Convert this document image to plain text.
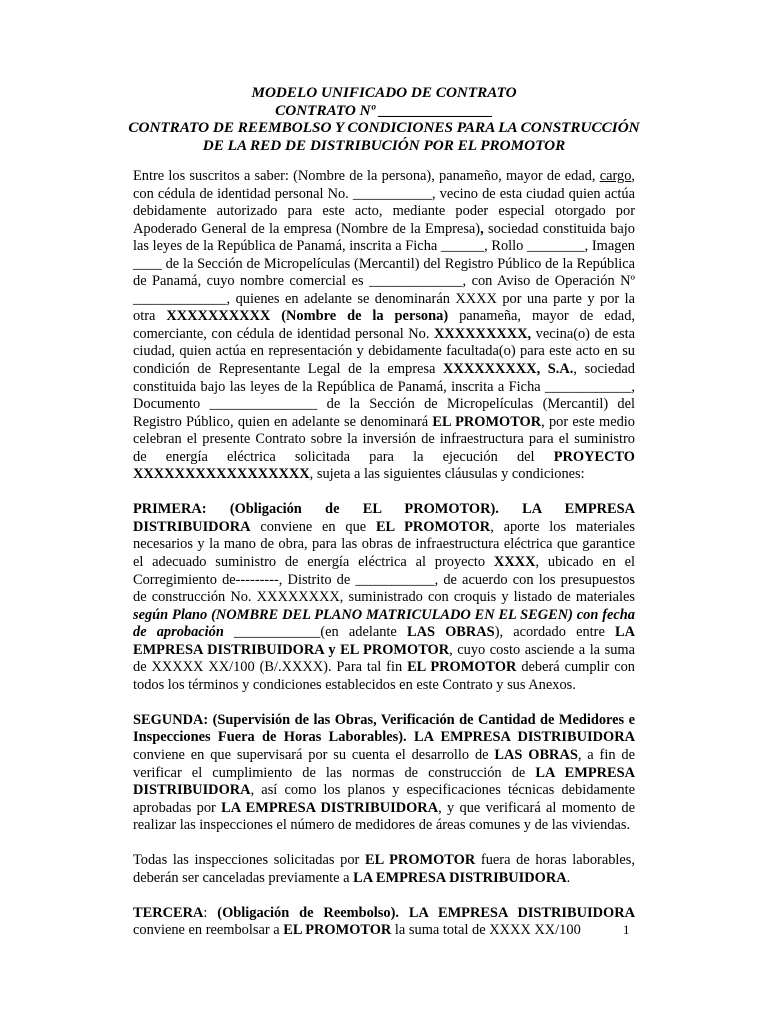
MODELO UNIFICADO DE CONTRATO
CONTRATO Nº _______________
CONTRATO DE REEMBOLSO Y CONDICIONES PARA LA CONSTRUCCIÓN
DE LA RED DE DISTRIBUCIÓN POR EL PROMOTOR

Entre los suscritos a saber: (Nombre de la persona), panameño, mayor de edad, cargo, con cédula de identidad personal No. ___________, vecino de esta ciudad quien actúa debidamente autorizado para este acto, mediante poder especial otorgado por Apoderado General de la empresa (Nombre de la Empresa), sociedad constituida bajo las leyes de la República de Panamá, inscrita a Ficha ______, Rollo ________, Imagen ____ de la Sección de Micropelículas (Mercantil) del Registro Público de la República de Panamá, cuyo nombre comercial es _____________, con Aviso de Operación Nº _____________, quienes en adelante se denominarán XXXX por una parte y por la otra XXXXXXXXXX (Nombre de la persona) panameña, mayor de edad, comerciante, con cédula de identidad personal No. XXXXXXXXX, vecina(o) de esta ciudad, quien actúa en representación y debidamente facultada(o) para este acto en su condición de Representante Legal de la empresa XXXXXXXXX, S.A., sociedad constituida bajo las leyes de la República de Panamá, inscrita a Ficha ____________, Documento _______________ de la Sección de Micropelículas (Mercantil) del Registro Público, quien en adelante se denominará EL PROMOTOR, por este medio celebran el presente Contrato sobre la inversión de infraestructura para el suministro de energía eléctrica solicitada para la ejecución del PROYECTO XXXXXXXXXXXXXXXXX, sujeta a las siguientes cláusulas y condiciones:

PRIMERA: (Obligación de EL PROMOTOR). LA EMPRESA DISTRIBUIDORA conviene en que EL PROMOTOR, aporte los materiales necesarios y la mano de obra, para las obras de infraestructura eléctrica que garantice el adecuado suministro de energía eléctrica al proyecto XXXX, ubicado en el Corregimiento de---------, Distrito de ___________, de acuerdo con los presupuestos de construcción No. XXXXXXXX, suministrado con croquis y listado de materiales según Plano (NOMBRE DEL PLANO MATRICULADO EN EL SEGEN) con fecha de aprobación ____________(en adelante LAS OBRAS), acordado entre LA EMPRESA DISTRIBUIDORA y EL PROMOTOR, cuyo costo asciende a la suma de XXXXX XX/100 (B/.XXXX). Para tal fin EL PROMOTOR deberá cumplir con todos los términos y condiciones establecidos en este Contrato y sus Anexos.

SEGUNDA: (Supervisión de las Obras, Verificación de Cantidad de Medidores e Inspecciones Fuera de Horas Laborables). LA EMPRESA DISTRIBUIDORA conviene en que supervisará por su cuenta el desarrollo de LAS OBRAS, a fin de verificar el cumplimiento de las normas de construcción de LA EMPRESA DISTRIBUIDORA, así como los planos y especificaciones técnicas debidamente aprobadas por LA EMPRESA DISTRIBUIDORA, y que verificará al momento de realizar las inspecciones el número de medidores de áreas comunes y de las viviendas.

Todas las inspecciones solicitadas por EL PROMOTOR fuera de horas laborables, deberán ser canceladas previamente a LA EMPRESA DISTRIBUIDORA.

TERCERA: (Obligación de Reembolso). LA EMPRESA DISTRIBUIDORA conviene en reembolsar a EL PROMOTOR la suma total de XXXX XX/100	1
